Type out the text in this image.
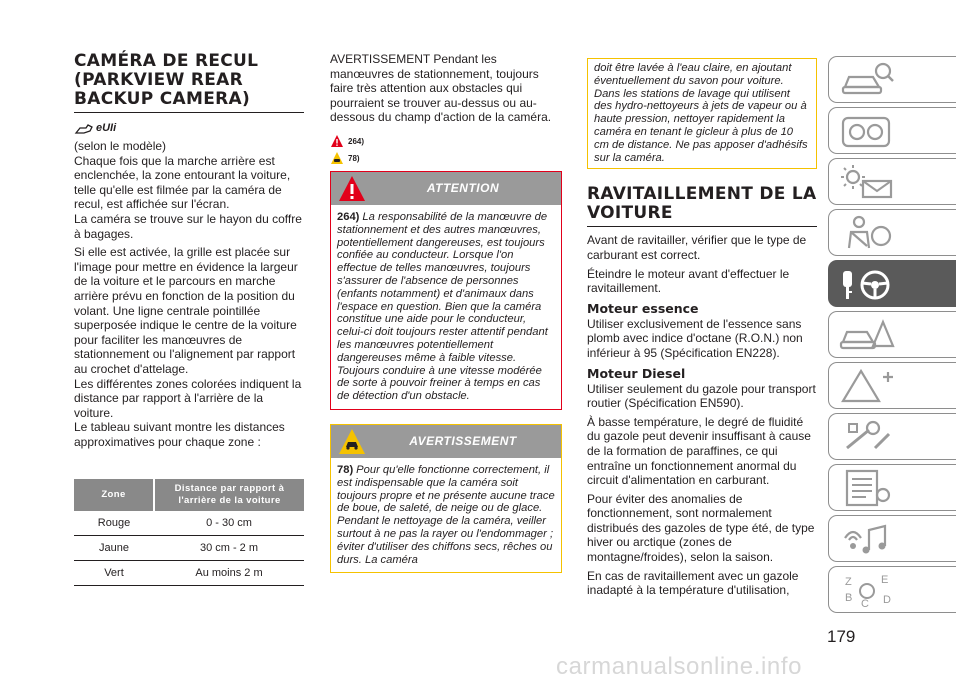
CAMÉRA DE RECUL (PARKVIEW REAR BACKUP CAMERA)
eUIi

(selon le modèle)

Chaque fois que la marche arrière est enclenchée, la zone entourant la voiture, telle qu'elle est filmée par la caméra de recul, est affichée sur l'écran.

La caméra se trouve sur le hayon du coffre à bagages.

Si elle est activée, la grille est placée sur l'image pour mettre en évidence la largeur de la voiture et le parcours en marche arrière prévu en fonction de la position du volant. Une ligne centrale pointillée superposée indique le centre de la voiture pour faciliter les manœuvres de stationnement ou l'alignement par rapport au crochet d'attelage.

Les différentes zones colorées indiquent la distance par rapport à l'arrière de la voiture.

Le tableau suivant montre les distances approximatives pour chaque zone :

Zone	Distance par rapport à l'arrière de la voiture
Rouge	0 - 30 cm
Jaune	30 cm - 2 m
Vert	Au moins 2 m

AVERTISSEMENT Pendant les manœuvres de stationnement, toujours faire très attention aux obstacles qui pourraient se trouver au-dessus ou au-dessous du champ d'action de la caméra.

264)
78)
ATTENTION
264) La responsabilité de la manœuvre de stationnement et des autres manœuvres, potentiellement dangereuses, est toujours confiée au conducteur. Lorsque l'on effectue de telles manœuvres, toujours s'assurer de l'absence de personnes (enfants notamment) et d'animaux dans l'espace en question. Bien que la caméra constitue une aide pour le conducteur, celui-ci doit toujours rester attentif pendant les manœuvres potentiellement dangereuses même à faible vitesse. Toujours conduire à une vitesse modérée de sorte à pouvoir freiner à temps en cas de détection d'un obstacle.
AVERTISSEMENT
78) Pour qu'elle fonctionne correctement, il est indispensable que la caméra soit toujours propre et ne présente aucune trace de boue, de saleté, de neige ou de glace. Pendant le nettoyage de la caméra, veiller surtout à ne pas la rayer ou l'endommager ; éviter d'utiliser des chiffons secs, rêches ou durs. La caméra
doit être lavée à l'eau claire, en ajoutant éventuellement du savon pour voiture. Dans les stations de lavage qui utilisent des hydro-nettoyeurs à jets de vapeur ou à haute pression, nettoyer rapidement la caméra en tenant le gicleur à plus de 10 cm de distance. Ne pas apposer d'adhésifs sur la caméra.
RAVITAILLEMENT DE LA VOITURE

Avant de ravitailler, vérifier que le type de carburant est correct.

Éteindre le moteur avant d'effectuer le ravitaillement.

Moteur essence

Utiliser exclusivement de l'essence sans plomb avec indice d'octane (R.O.N.) non inférieur à 95 (Spécification EN228).

Moteur Diesel

Utiliser seulement du gazole pour transport routier (Spécification EN590).

À basse température, le degré de fluidité du gazole peut devenir insuffisant à cause de la formation de paraffines, ce qui entraîne un fonctionnement anormal du circuit d'alimentation en carburant.

Pour éviter des anomalies de fonctionnement, sont normalement distribués des gazoles de type été, de type hiver ou arctique (zones de montagne/froides), selon la saison.

En cas de ravitaillement avec un gazole inadapté à la température d'utilisation,

Z	E
B C D
179
carmanualsonline.info
